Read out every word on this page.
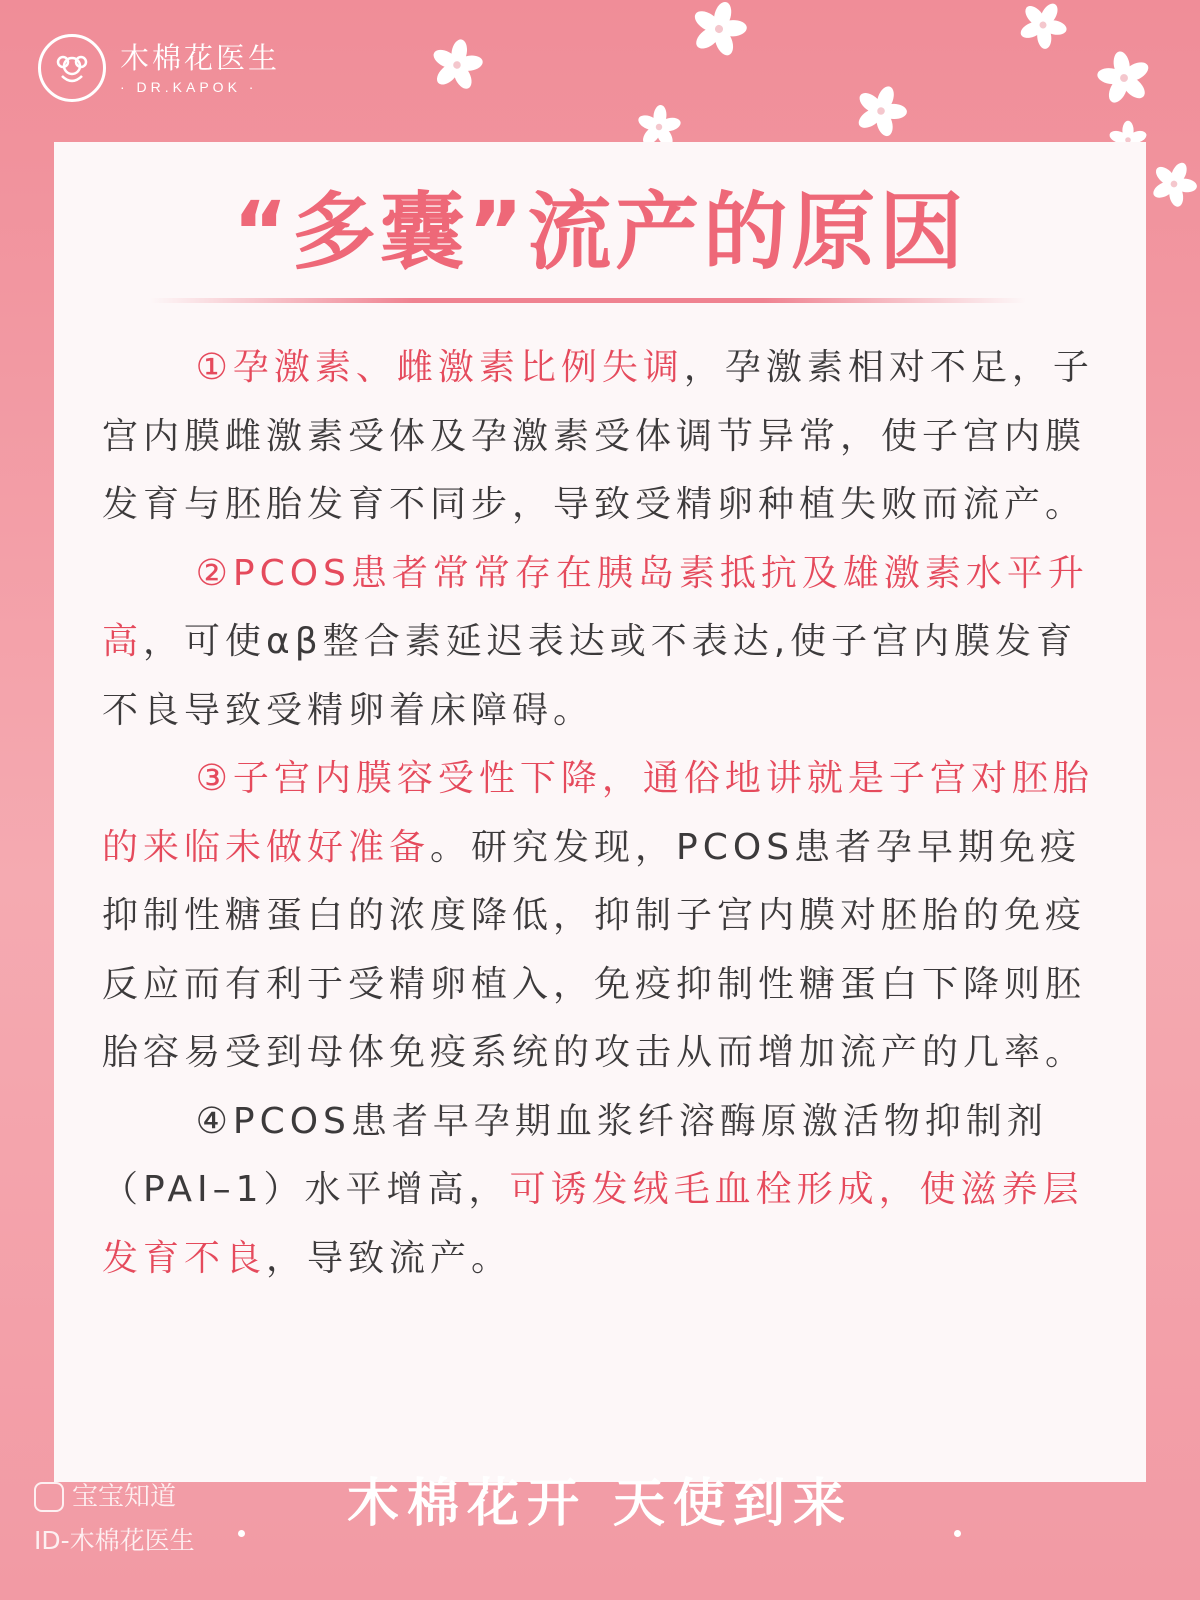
木棉花医生
· DR.KAPOK ·
“多囊”流产的原因

①孕激素、雌激素比例失调，孕激素相对不足，子宫内膜雌激素受体及孕激素受体调节异常，使子宫内膜发育与胚胎发育不同步，导致受精卵种植失败而流产。

②PCOS患者常常存在胰岛素抵抗及雄激素水平升高，可使αβ整合素延迟表达或不表达,使子宫内膜发育不良导致受精卵着床障碍。

③子宫内膜容受性下降，通俗地讲就是子宫对胚胎的来临未做好准备。研究发现，PCOS患者孕早期免疫抑制性糖蛋白的浓度降低，抑制子宫内膜对胚胎的免疫反应而有利于受精卵植入，免疫抑制性糖蛋白下降则胚胎容易受到母体免疫系统的攻击从而增加流产的几率。

④PCOS患者早孕期血浆纤溶酶原激活物抑制剂（PAI–1）水平增高，可诱发绒毛血栓形成，使滋养层发育不良，导致流产。

宝宝知道
ID-木棉花医生
木棉花开 天使到来
